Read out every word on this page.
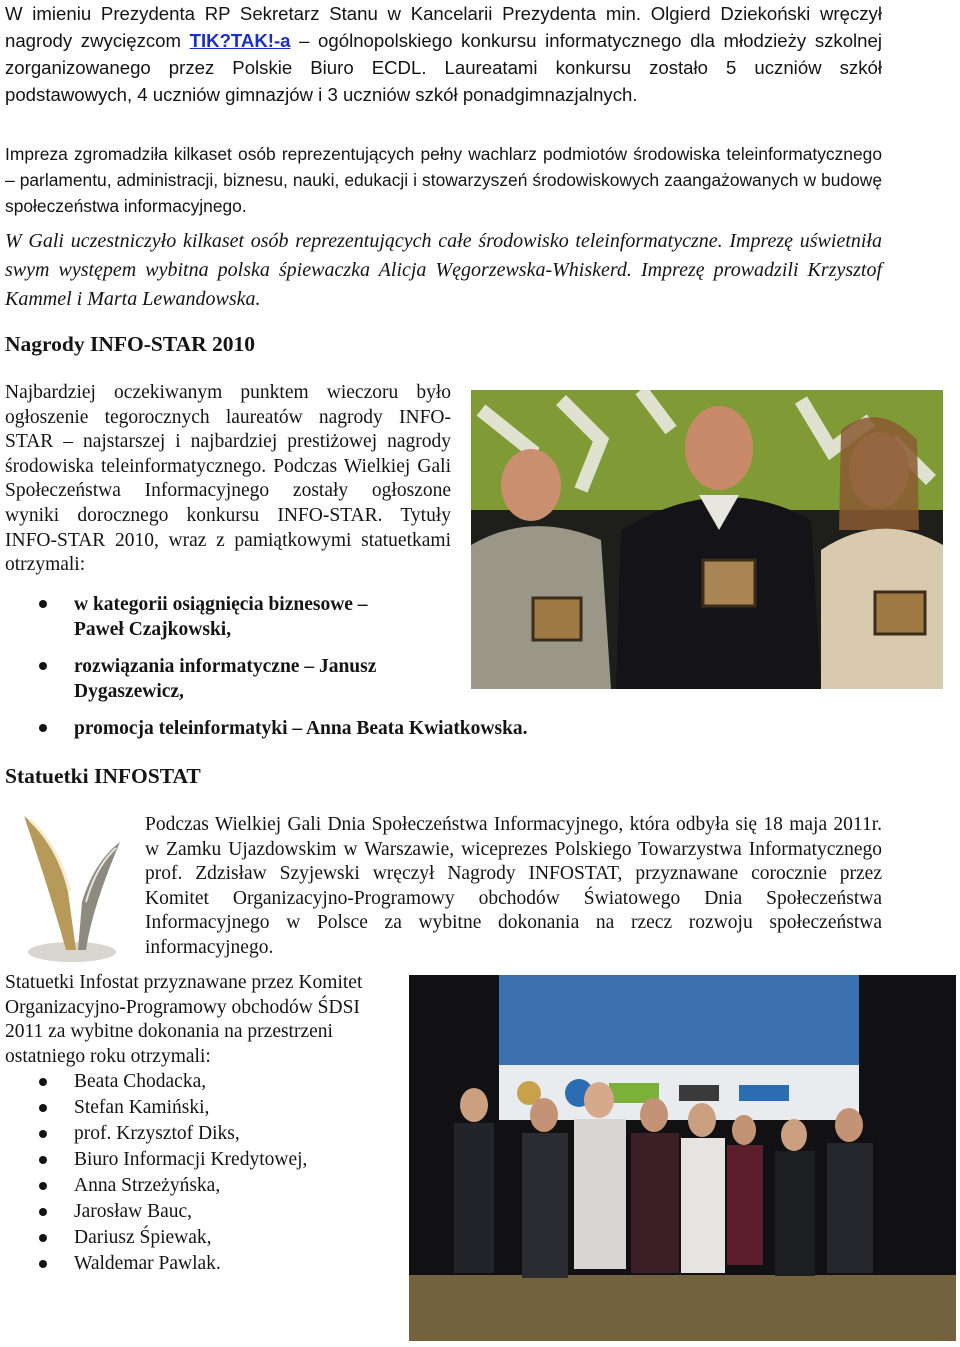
W imieniu Prezydenta RP Sekretarz Stanu w Kancelarii Prezydenta min. Olgierd Dziekoński wręczył nagrody zwycięzcom TIK?TAK!-a – ogólnopolskiego konkursu informatycznego dla młodzieży szkolnej zorganizowanego przez Polskie Biuro ECDL. Laureatami konkursu zostało 5 uczniów szkół podstawowych, 4 uczniów gimnazjów i 3 uczniów szkół ponadgimnazjalnych.

Impreza zgromadziła kilkaset osób reprezentujących pełny wachlarz podmiotów środowiska teleinformatycznego – parlamentu, administracji, biznesu, nauki, edukacji i stowarzyszeń środowiskowych zaangażowanych w budowę społeczeństwa informacyjnego.

W Gali uczestniczyło kilkaset osób reprezentujących całe środowisko teleinformatyczne. Imprezę uświetniła swym występem wybitna polska śpiewaczka Alicja Węgorzewska-Whiskerd. Imprezę prowadzili Krzysztof Kammel i Marta Lewandowska.

Nagrody INFO-STAR 2010

Najbardziej oczekiwanym punktem wieczoru było ogłoszenie tegorocznych laureatów nagrody INFO-STAR – najstarszej i najbardziej prestiżowej nagrody środowiska teleinformatycznego. Podczas Wielkiej Gali Społeczeństwa Informacyjnego zostały ogłoszone wyniki dorocznego konkursu INFO-STAR. Tytuły INFO-STAR 2010, wraz z pamiątkowymi statuetkami otrzymali:

w kategorii osiągnięcia biznesowe – Paweł Czajkowski,
rozwiązania informatyczne – Janusz Dygaszewicz,
promocja teleinformatyki – Anna Beata Kwiatkowska.
Statuetki INFOSTAT

Podczas Wielkiej Gali Dnia Społeczeństwa Informacyjnego, która odbyła się 18 maja 2011r. w Zamku Ujazdowskim w Warszawie, wiceprezes Polskiego Towarzystwa Informatycznego prof. Zdzisław Szyjewski wręczył Nagrody INFOSTAT, przyznawane corocznie przez Komitet Organizacyjno-Programowy obchodów Światowego Dnia Społeczeństwa Informacyjnego w Polsce za wybitne dokonania na rzecz rozwoju społeczeństwa informacyjnego.

Statuetki Infostat przyznawane przez Komitet Organizacyjno-Programowy obchodów ŚDSI 2011 za wybitne dokonania na przestrzeni ostatniego roku otrzymali:

Beata Chodacka,
Stefan Kamiński,
prof. Krzysztof Diks,
Biuro Informacji Kredytowej,
Anna Strzeżyńska,
Jarosław Bauc,
Dariusz Śpiewak,
Waldemar Pawlak.
